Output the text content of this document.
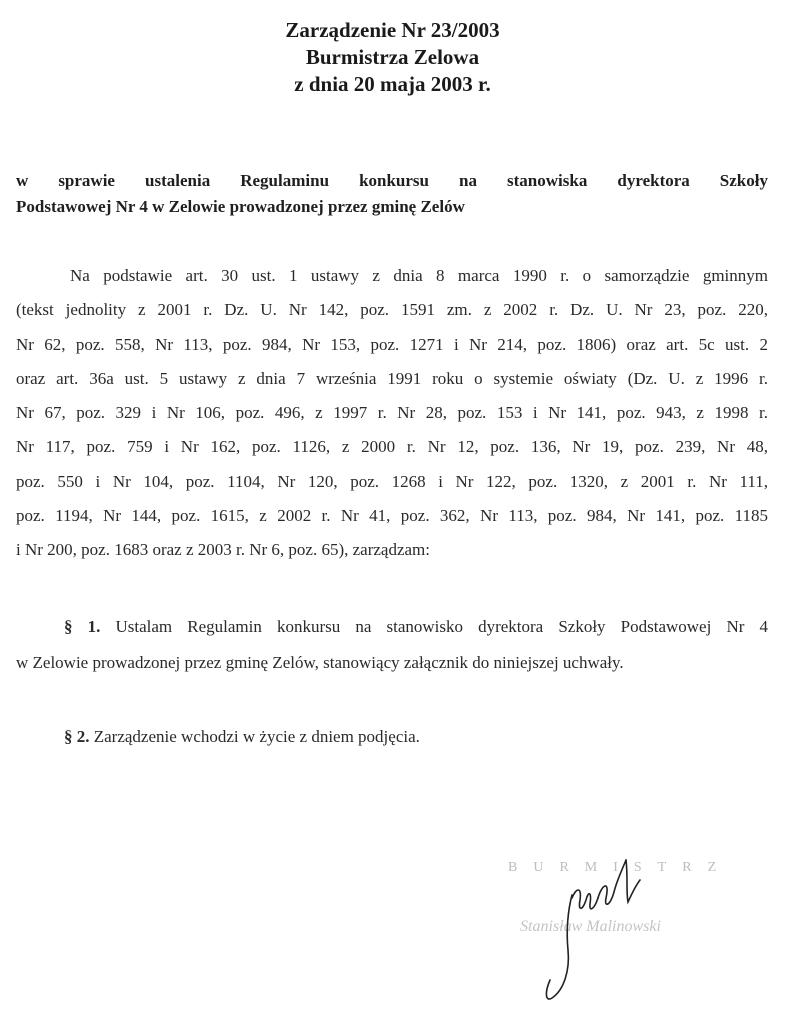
Zarządzenie Nr 23/2003
Burmistrza Zelowa
z dnia 20 maja 2003 r.
w sprawie ustalenia Regulaminu konkursu na stanowiska dyrektora Szkoły
Podstawowej Nr 4 w Zelowie prowadzonej przez gminę Zelów
Na podstawie art. 30 ust. 1 ustawy z dnia 8 marca 1990 r. o samorządzie gminnym
(tekst jednolity z 2001 r. Dz. U. Nr 142, poz. 1591 zm. z 2002 r. Dz. U. Nr 23, poz. 220,
Nr 62, poz. 558, Nr 113, poz. 984, Nr 153, poz. 1271 i Nr 214, poz. 1806) oraz art. 5c ust. 2
oraz art. 36a ust. 5 ustawy z dnia 7 września 1991 roku o systemie oświaty (Dz. U. z 1996 r.
Nr 67, poz. 329 i Nr 106, poz. 496, z 1997 r. Nr 28, poz. 153 i Nr 141, poz. 943, z 1998 r.
Nr 117, poz. 759 i Nr 162, poz. 1126, z 2000 r. Nr 12, poz. 136, Nr 19, poz. 239, Nr 48,
poz. 550 i Nr 104, poz. 1104, Nr 120, poz. 1268 i Nr 122, poz. 1320, z 2001 r. Nr 111,
poz. 1194, Nr 144, poz. 1615, z 2002 r. Nr 41, poz. 362, Nr 113, poz. 984, Nr 141, poz. 1185
i Nr 200, poz. 1683 oraz z 2003 r. Nr 6, poz. 65), zarządzam:
§ 1. Ustalam Regulamin konkursu na stanowisko dyrektora Szkoły Podstawowej Nr 4
w Zelowie prowadzonej przez gminę Zelów, stanowiący załącznik do niniejszej uchwały.
§ 2. Zarządzenie wchodzi w życie z dniem podjęcia.
BURMISTRZ
Stanisław Malinowski
